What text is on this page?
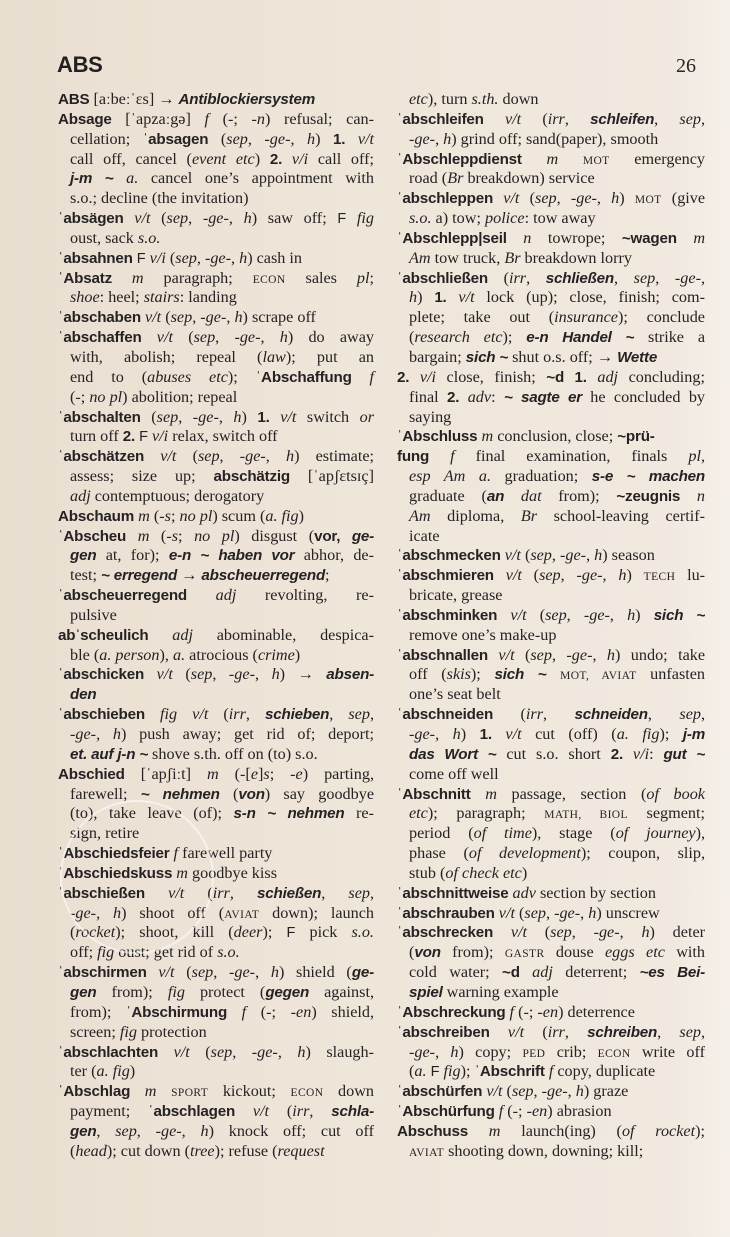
ABS	26
ABS [aːbeːˈɛs] → Antiblockiersystem
Absage [ˈapzaːgə] f (-; -n) refusal; can-
cellation; ˈabsagen (sep, -ge-, h) 1. v/t
call off, cancel (event etc) 2. v/i call off;
j-m ~ a. cancel one’s appointment with
s.o.; decline (the invitation)
ˈabsägen v/t (sep, -ge-, h) saw off; F fig
oust, sack s.o.
ˈabsahnen F v/i (sep, -ge-, h) cash in
ˈAbsatz m paragraph; ECON sales pl;
shoe: heel; stairs: landing
ˈabschaben v/t (sep, -ge-, h) scrape off
ˈabschaffen v/t (sep, -ge-, h) do away
with, abolish; repeal (law); put an
end to (abuses etc); ˈAbschaffung f
(-; no pl) abolition; repeal
ˈabschalten (sep, -ge-, h) 1. v/t switch or
turn off 2. F v/i relax, switch off
ˈabschätzen v/t (sep, -ge-, h) estimate;
assess; size up; abschätzig [ˈapʃɛtsɪç]
adj contemptuous; derogatory
Abschaum m (-s; no pl) scum (a. fig)
ˈAbscheu m (-s; no pl) disgust (vor, ge-
gen at, for); e-n ~ haben vor abhor, de-
test; ~ erregend → abscheuerregend;
ˈabscheuerregend adj revolting, re-
pulsive
abˈscheulich adj abominable, despica-
ble (a. person), a. atrocious (crime)
ˈabschicken v/t (sep, -ge-, h) → absen-
den
ˈabschieben fig v/t (irr, schieben, sep,
-ge-, h) push away; get rid of; deport;
et. auf j-n ~ shove s.th. off on (to) s.o.
Abschied [ˈapʃiːt] m (-[e]s; -e) parting,
farewell; ~ nehmen (von) say goodbye
(to), take leave (of); s-n ~ nehmen re-
sign, retire
ˈAbschiedsfeier f farewell party
ˈAbschiedskuss m goodbye kiss
ˈabschießen v/t (irr, schießen, sep,
-ge-, h) shoot off (AVIAT down); launch
(rocket); shoot, kill (deer); F pick s.o.
off; fig oust; get rid of s.o.
ˈabschirmen v/t (sep, -ge-, h) shield (ge-
gen from); fig protect (gegen against,
from); ˈAbschirmung f (-; -en) shield,
screen; fig protection
ˈabschlachten v/t (sep, -ge-, h) slaugh-
ter (a. fig)
ˈAbschlag m SPORT kickout; ECON down
payment; ˈabschlagen v/t (irr, schla-
gen, sep, -ge-, h) knock off; cut off
(head); cut down (tree); refuse (request
etc), turn s.th. down
ˈabschleifen v/t (irr, schleifen, sep,
-ge-, h) grind off; sand(paper), smooth
ˈAbschleppdienst m MOT emergency
road (Br breakdown) service
ˈabschleppen v/t (sep, -ge-, h) MOT (give
s.o. a) tow; police: tow away
ˈAbschlepp|seil n towrope; ~wagen m
Am tow truck, Br breakdown lorry
ˈabschließen (irr, schließen, sep, -ge-,
h) 1. v/t lock (up); close, finish; com-
plete; take out (insurance); conclude
(research etc); e-n Handel ~ strike a
bargain; sich ~ shut o.s. off; → Wette
2. v/i close, finish; ~d 1. adj concluding;
final 2. adv: ~ sagte er he concluded by
saying
ˈAbschluss m conclusion, close; ~prü-
fung f final examination, finals pl,
esp Am a. graduation; s-e ~ machen
graduate (an dat from); ~zeugnis n
Am diploma, Br school-leaving certif-
icate
ˈabschmecken v/t (sep, -ge-, h) season
ˈabschmieren v/t (sep, -ge-, h) TECH lu-
bricate, grease
ˈabschminken v/t (sep, -ge-, h) sich ~
remove one’s make-up
ˈabschnallen v/t (sep, -ge-, h) undo; take
off (skis); sich ~ MOT, AVIAT unfasten
one’s seat belt
ˈabschneiden (irr, schneiden, sep,
-ge-, h) 1. v/t cut (off) (a. fig); j-m
das Wort ~ cut s.o. short 2. v/i: gut ~
come off well
ˈAbschnitt m passage, section (of book
etc); paragraph; MATH, BIOL segment;
period (of time), stage (of journey),
phase (of development); coupon, slip,
stub (of check etc)
ˈabschnittweise adv section by section
ˈabschrauben v/t (sep, -ge-, h) unscrew
ˈabschrecken v/t (sep, -ge-, h) deter
(von from); GASTR douse eggs etc with
cold water; ~d adj deterrent; ~es Bei-
spiel warning example
ˈAbschreckung f (-; -en) deterrence
ˈabschreiben v/t (irr, schreiben, sep,
-ge-, h) copy; PED crib; ECON write off
(a. F fig); ˈAbschrift f copy, duplicate
ˈabschürfen v/t (sep, -ge-, h) graze
ˈAbschürfung f (-; -en) abrasion
Abschuss m launch(ing) (of rocket);
AVIAT shooting down, downing; kill;
